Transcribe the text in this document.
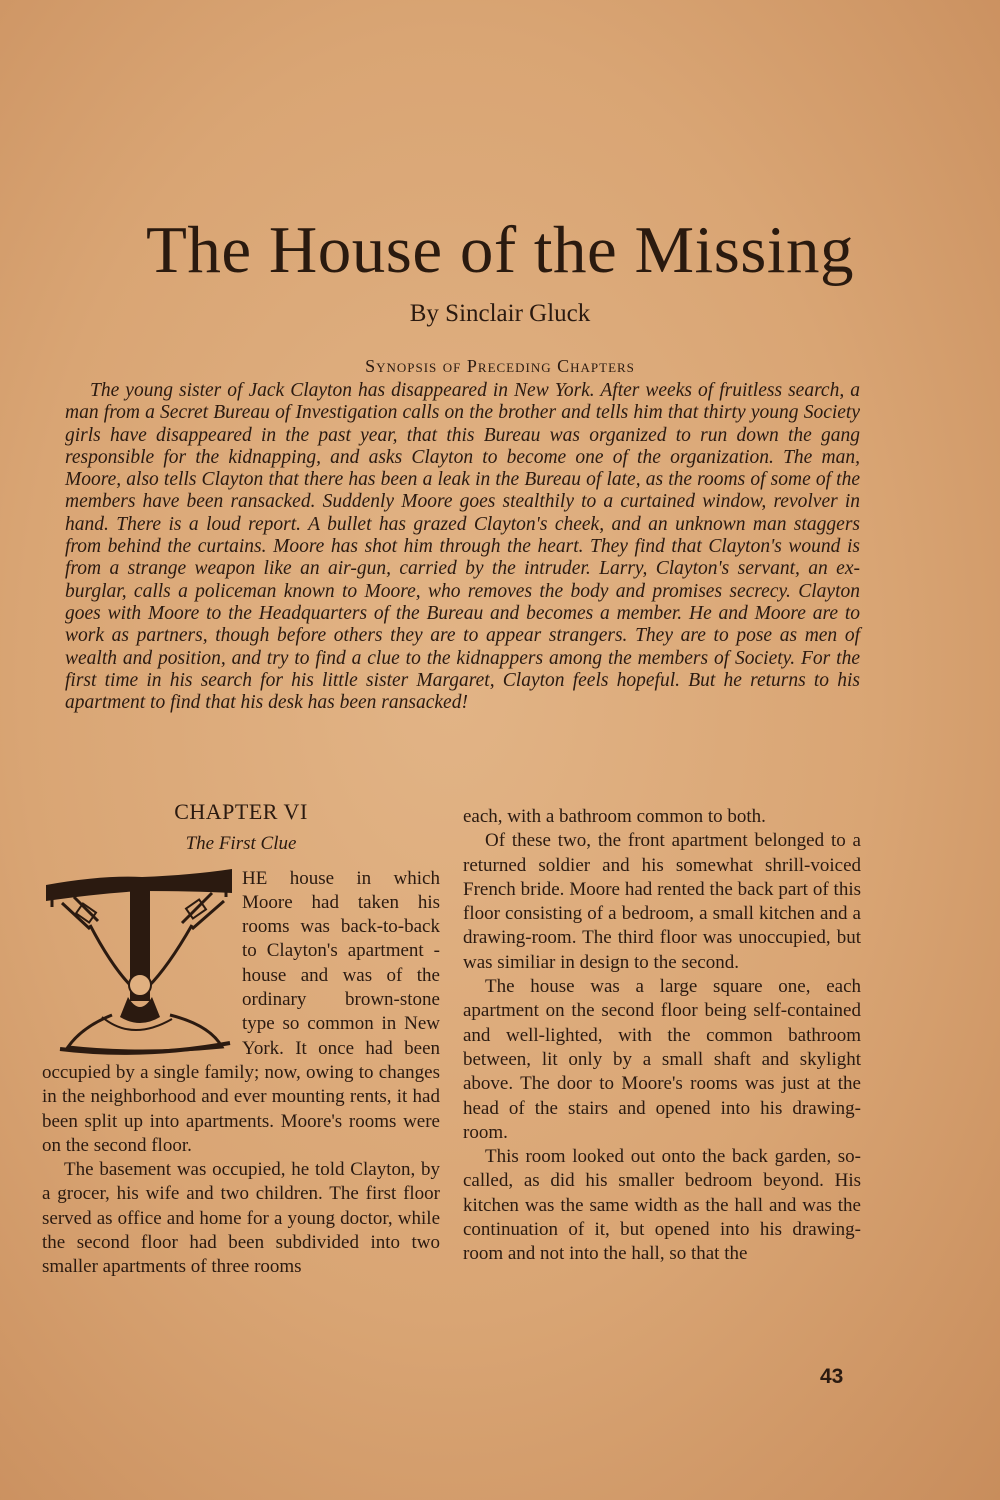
The House of the Missing
By Sinclair Gluck
Synopsis of Preceding Chapters

The young sister of Jack Clayton has disappeared in New York. After weeks of fruitless search, a man from a Secret Bureau of Investigation calls on the brother and tells him that thirty young Society girls have disappeared in the past year, that this Bureau was organized to run down the gang responsible for the kidnapping, and asks Clayton to become one of the organization. The man, Moore, also tells Clayton that there has been a leak in the Bureau of late, as the rooms of some of the members have been ransacked. Suddenly Moore goes stealthily to a curtained window, revolver in hand. There is a loud report. A bullet has grazed Clayton's cheek, and an unknown man staggers from behind the curtains. Moore has shot him through the heart. They find that Clayton's wound is from a strange weapon like an air-gun, carried by the intruder. Larry, Clayton's servant, an ex-burglar, calls a policeman known to Moore, who removes the body and promises secrecy. Clayton goes with Moore to the Headquarters of the Bureau and becomes a member. He and Moore are to work as partners, though before others they are to appear strangers. They are to pose as men of wealth and position, and try to find a clue to the kidnappers among the members of Society. For the first time in his search for his little sister Margaret, Clayton feels hopeful. But he returns to his apartment to find that his desk has been ransacked!

CHAPTER VI
The First Clue

HE house in which Moore had taken his rooms was back-to-back to Clayton's apartment - house and was of the ordinary brown-stone type so common in New York. It once had been occupied by a single family; now, owing to changes in the neighborhood and ever mounting rents, it had been split up into apartments. Moore's rooms were on the second floor.

The basement was occupied, he told Clayton, by a grocer, his wife and two children. The first floor served as office and home for a young doctor, while the second floor had been subdivided into two smaller apartments of three rooms

each, with a bathroom common to both.

Of these two, the front apartment belonged to a returned soldier and his somewhat shrill-voiced French bride. Moore had rented the back part of this floor consisting of a bedroom, a small kitchen and a drawing-room. The third floor was unoccupied, but was similiar in design to the second.

The house was a large square one, each apartment on the second floor being self-contained and well-lighted, with the common bathroom between, lit only by a small shaft and skylight above. The door to Moore's rooms was just at the head of the stairs and opened into his drawing-room.

This room looked out onto the back garden, so-called, as did his smaller bedroom beyond. His kitchen was the same width as the hall and was the continuation of it, but opened into his drawing-room and not into the hall, so that the

43
